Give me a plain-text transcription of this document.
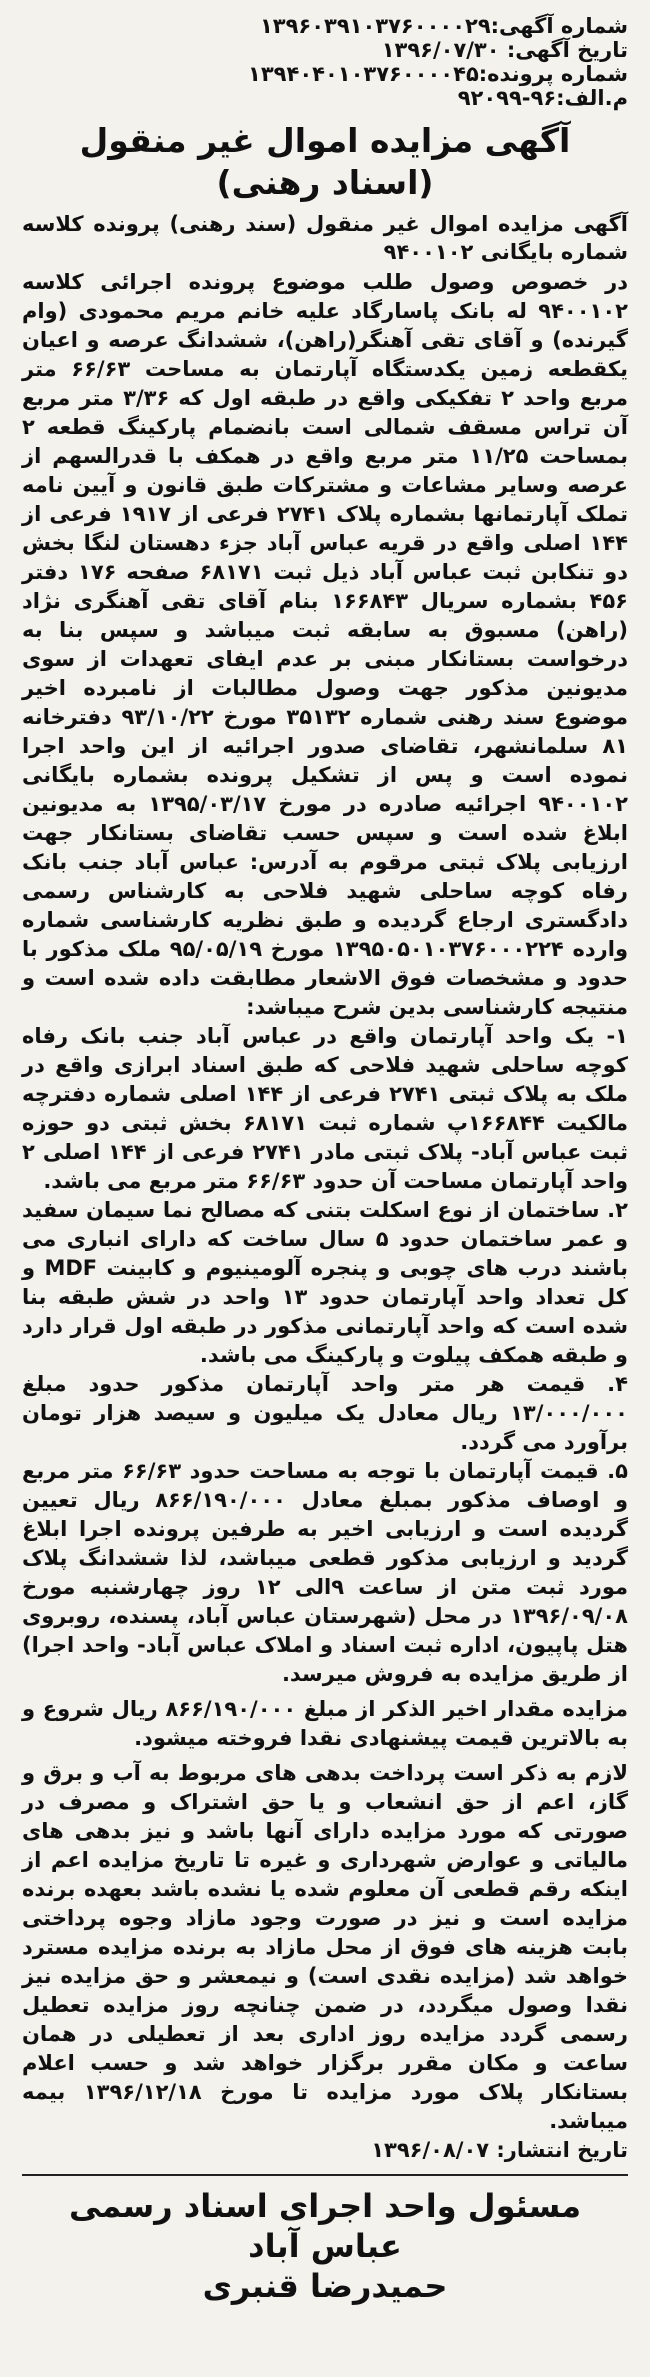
شماره آگهی:۱۳۹۶۰۳۹۱۰۳۷۶۰۰۰۰۲۹
تاریخ آگهی: ۱۳۹۶/۰۷/۳۰
شماره پرونده:۱۳۹۴۰۴۰۱۰۳۷۶۰۰۰۰۴۵
م.الف:۹۶-۹۲۰۹۹
آگهی مزایده اموال غیر منقول
(اسناد رهنی)

آگهی مزایده اموال غیر منقول (سند رهنی) پرونده کلاسه شماره بایگانی ۹۴۰۰۱۰۲

در خصوص وصول طلب موضوع پرونده اجرائی کلاسه ۹۴۰۰۱۰۲ له بانک پاسارگاد علیه خانم مریم محمودی (وام گیرنده) و آقای تقی آهنگر(راهن)، ششدانگ عرصه و اعیان یکقطعه زمین یکدستگاه آپارتمان به مساحت ۶۶/۶۳ متر مربع واحد ۲ تفکیکی واقع در طبقه اول که ۳/۳۶ متر مربع آن تراس مسقف شمالی است بانضمام پارکینگ قطعه ۲ بمساحت ۱۱/۲۵ متر مربع واقع در همکف با قدرالسهم از عرصه وسایر مشاعات و مشترکات طبق قانون و آیین نامه تملک آپارتمانها بشماره پلاک ۲۷۴۱ فرعی از ۱۹۱۷ فرعی از ۱۴۴ اصلی واقع در قریه عباس آباد جزء دهستان لنگا بخش دو تنکابن ثبت عباس آباد ذیل ثبت ۶۸۱۷۱ صفحه ۱۷۶ دفتر ۴۵۶ بشماره سریال ۱۶۶۸۴۳ بنام آقای تقی آهنگری نژاد (راهن) مسبوق به سابقه ثبت میباشد و سپس بنا به درخواست بستانکار مبنی بر عدم ایفای تعهدات از سوی مدیونین مذکور جهت وصول مطالبات از نامبرده اخیر موضوع سند رهنی شماره ۳۵۱۳۲ مورخ ۹۳/۱۰/۲۲ دفترخانه ۸۱ سلمانشهر، تقاضای صدور اجرائیه از این واحد اجرا نموده است و پس از تشکیل پرونده بشماره بایگانی ۹۴۰۰۱۰۲ اجرائیه صادره در مورخ ۱۳۹۵/۰۳/۱۷ به مدیونین ابلاغ شده است و سپس حسب تقاضای بستانکار جهت ارزیابی پلاک ثبتی مرقوم به آدرس: عباس آباد جنب بانک رفاه کوچه ساحلی شهید فلاحی به کارشناس رسمی دادگستری ارجاع گردیده و طبق نظریه کارشناسی شماره وارده ۱۳۹۵۰۵۰۱۰۳۷۶۰۰۰۲۲۴ مورخ ۹۵/۰۵/۱۹ ملک مذکور با حدود و مشخصات فوق الاشعار مطابقت داده شده است و منتیجه کارشناسی بدین شرح میباشد:

۱- یک واحد آپارتمان واقع در عباس آباد جنب بانک رفاه کوچه ساحلی شهید فلاحی که طبق اسناد ابرازی واقع در ملک به پلاک ثبتی ۲۷۴۱ فرعی از ۱۴۴ اصلی شماره دفترچه مالکیت ۱۶۶۸۴۴پ شماره ثبت ۶۸۱۷۱ بخش ثبتی دو حوزه ثبت عباس آباد- پلاک ثبتی مادر ۲۷۴۱ فرعی از ۱۴۴ اصلی ۲ واحد آپارتمان مساحت آن حدود ۶۶/۶۳ متر مربع می باشد.

۲. ساختمان از نوع اسکلت بتنی که مصالح نما سیمان سفید و عمر ساختمان حدود ۵ سال ساخت که دارای انباری می باشند درب های چوبی و پنجره آلومینیوم و کابینت MDF و کل تعداد واحد آپارتمان حدود ۱۳ واحد در شش طبقه بنا شده است که واحد آپارتمانی مذکور در طبقه اول قرار دارد و طبقه همکف پیلوت و پارکینگ می باشد.

۴. قیمت هر متر واحد آپارتمان مذکور حدود مبلغ ۱۳/۰۰۰/۰۰۰ ریال معادل یک میلیون و سیصد هزار تومان برآورد می گردد.

۵. قیمت آپارتمان با توجه به مساحت حدود ۶۶/۶۳ متر مربع و اوصاف مذکور بمبلغ معادل ۸۶۶/۱۹۰/۰۰۰ ریال تعیین گردیده است و ارزیابی اخیر به طرفین پرونده اجرا ابلاغ گردید و ارزیابی مذکور قطعی میباشد، لذا ششدانگ پلاک مورد ثبت متن از ساعت ۹الی ۱۲ روز چهارشنبه مورخ ۱۳۹۶/۰۹/۰۸ در محل (شهرستان عباس آباد، پسنده، روبروی هتل پاپیون، اداره ثبت اسناد و املاک عباس آباد- واحد اجرا) از طریق مزایده به فروش میرسد.

مزایده مقدار اخیر الذکر از مبلغ ۸۶۶/۱۹۰/۰۰۰ ریال شروع و به بالاترین قیمت پیشنهادی نقدا فروخته میشود.

لازم به ذکر است پرداخت بدهی های مربوط به آب و برق و گاز، اعم از حق انشعاب و یا حق اشتراک و مصرف در صورتی که مورد مزایده دارای آنها باشد و نیز بدهی های مالیاتی و عوارض شهرداری و غیره تا تاریخ مزایده اعم از اینکه رقم قطعی آن معلوم شده یا نشده باشد بعهده برنده مزایده است و نیز در صورت وجود مازاد وجوه پرداختی بابت هزینه های فوق از محل مازاد به برنده مزایده مسترد خواهد شد (مزایده نقدی است) و نیمعشر و حق مزایده نیز نقدا وصول میگردد، در ضمن چنانچه روز مزایده تعطیل رسمی گردد مزایده روز اداری بعد از تعطیلی در همان ساعت و مکان مقرر برگزار خواهد شد و حسب اعلام بستانکار پلاک مورد مزایده تا مورخ ۱۳۹۶/۱۲/۱۸ بیمه میباشد.

تاریخ انتشار: ۱۳۹۶/۰۸/۰۷

مسئول واحد اجرای اسناد رسمی عباس آباد
حمیدرضا قنبری
